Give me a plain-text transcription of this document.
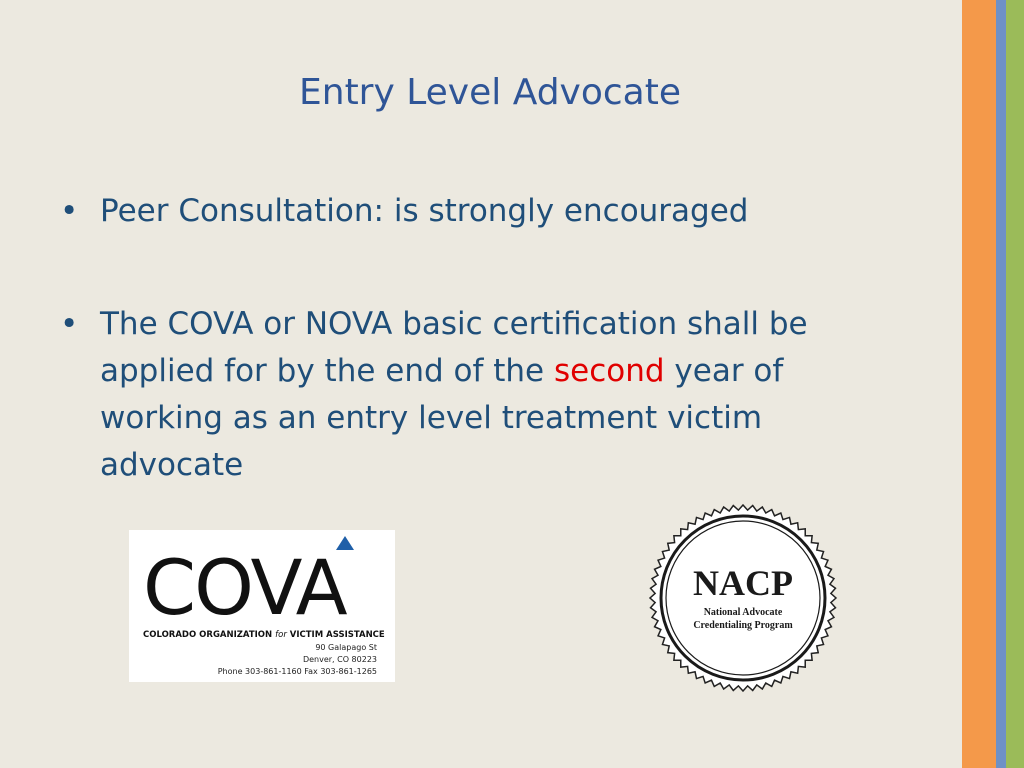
Entry Level Advocate
• Peer Consultation: is strongly encouraged
• The COVA or NOVA basic certification shall be applied for by the end of the second year of working as an entry level treatment victim advocate
COVA
COLORADO ORGANIZATION for VICTIM ASSISTANCE
90 Galapago St
Denver, CO 80223
Phone 303-861-1160 Fax 303-861-1265
NACP
National Advocate
Credentialing Program
